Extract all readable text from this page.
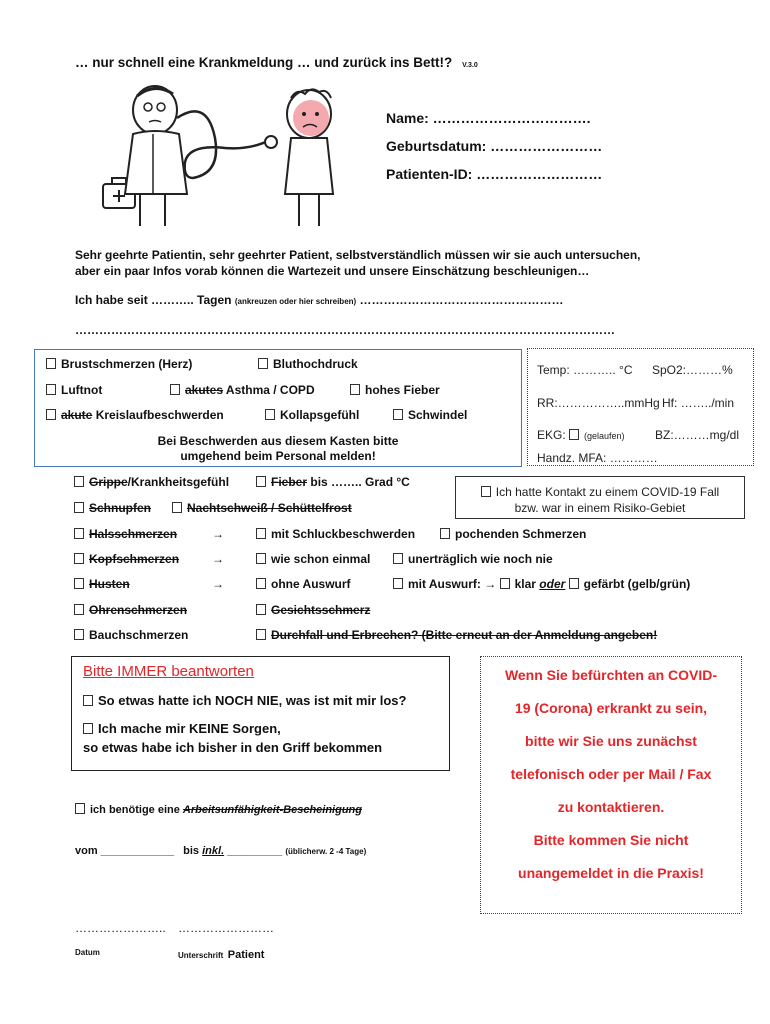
… nur schnell eine Krankmeldung … und zurück ins Bett!? V.3.0
Name: …………………………….
Geburtsdatum: ……………………
Patienten-ID: ………………………
Sehr geehrte Patientin, sehr geehrter Patient, selbstverständlich müssen wir sie auch untersuchen,
aber ein paar Infos vorab können die Wartezeit und unsere Einschätzung beschleunigen…
Ich habe seit ……….. Tagen (ankreuzen oder hier schreiben) ……………………………………………
………………………………………………………………………………………………………………………
Brustschmerzen (Herz)	Bluthochdruck
Luftnot	akutes Asthma / COPD	hohes Fieber
akute Kreislaufbeschwerden	Kollapsgefühl	Schwindel
Bei Beschwerden aus diesem Kasten bitte
umgehend beim Personal melden!
Temp: ……….. °C SpO2:………%
RR:……………..mmHg Hf: ……../min
EKG: (gelaufen)	BZ:………mg/dl
Handz. MFA: …………
Ich hatte Kontakt zu einem COVID-19 Fall
bzw. war in einem Risiko-Gebiet
Grippe/Krankheitsgefühl	Fieber bis …….. Grad °C
Schnupfen	Nachtschweiß / Schüttelfrost
Halsschmerzen	→	mit Schluckbeschwerden	pochenden Schmerzen
Kopfschmerzen	→	wie schon einmal	unerträglich wie noch nie
Husten	→	ohne Auswurf	mit Auswurf: → klar oder gefärbt (gelb/grün)
Ohrenschmerzen	Gesichtsschmerz
Bauchschmerzen	Durchfall und Erbrechen? (Bitte erneut an der Anmeldung angeben!
Bitte IMMER beantworten
So etwas hatte ich NOCH NIE, was ist mit mir los?
Ich mache mir KEINE Sorgen,
so etwas habe ich bisher in den Griff bekommen
Wenn Sie befürchten an COVID-
19 (Corona) erkrankt zu sein,
bitte wir Sie uns zunächst
telefonisch oder per Mail / Fax
zu kontaktieren.
Bitte kommen Sie nicht
unangemeldet in die Praxis!
ich benötige eine Arbeitsunfähigkeit-Bescheinigung
vom ____________ bis inkl. _________ (üblicherw. 2 -4 Tage)
………………….. ……………………
Datum	Unterschrift Patient
